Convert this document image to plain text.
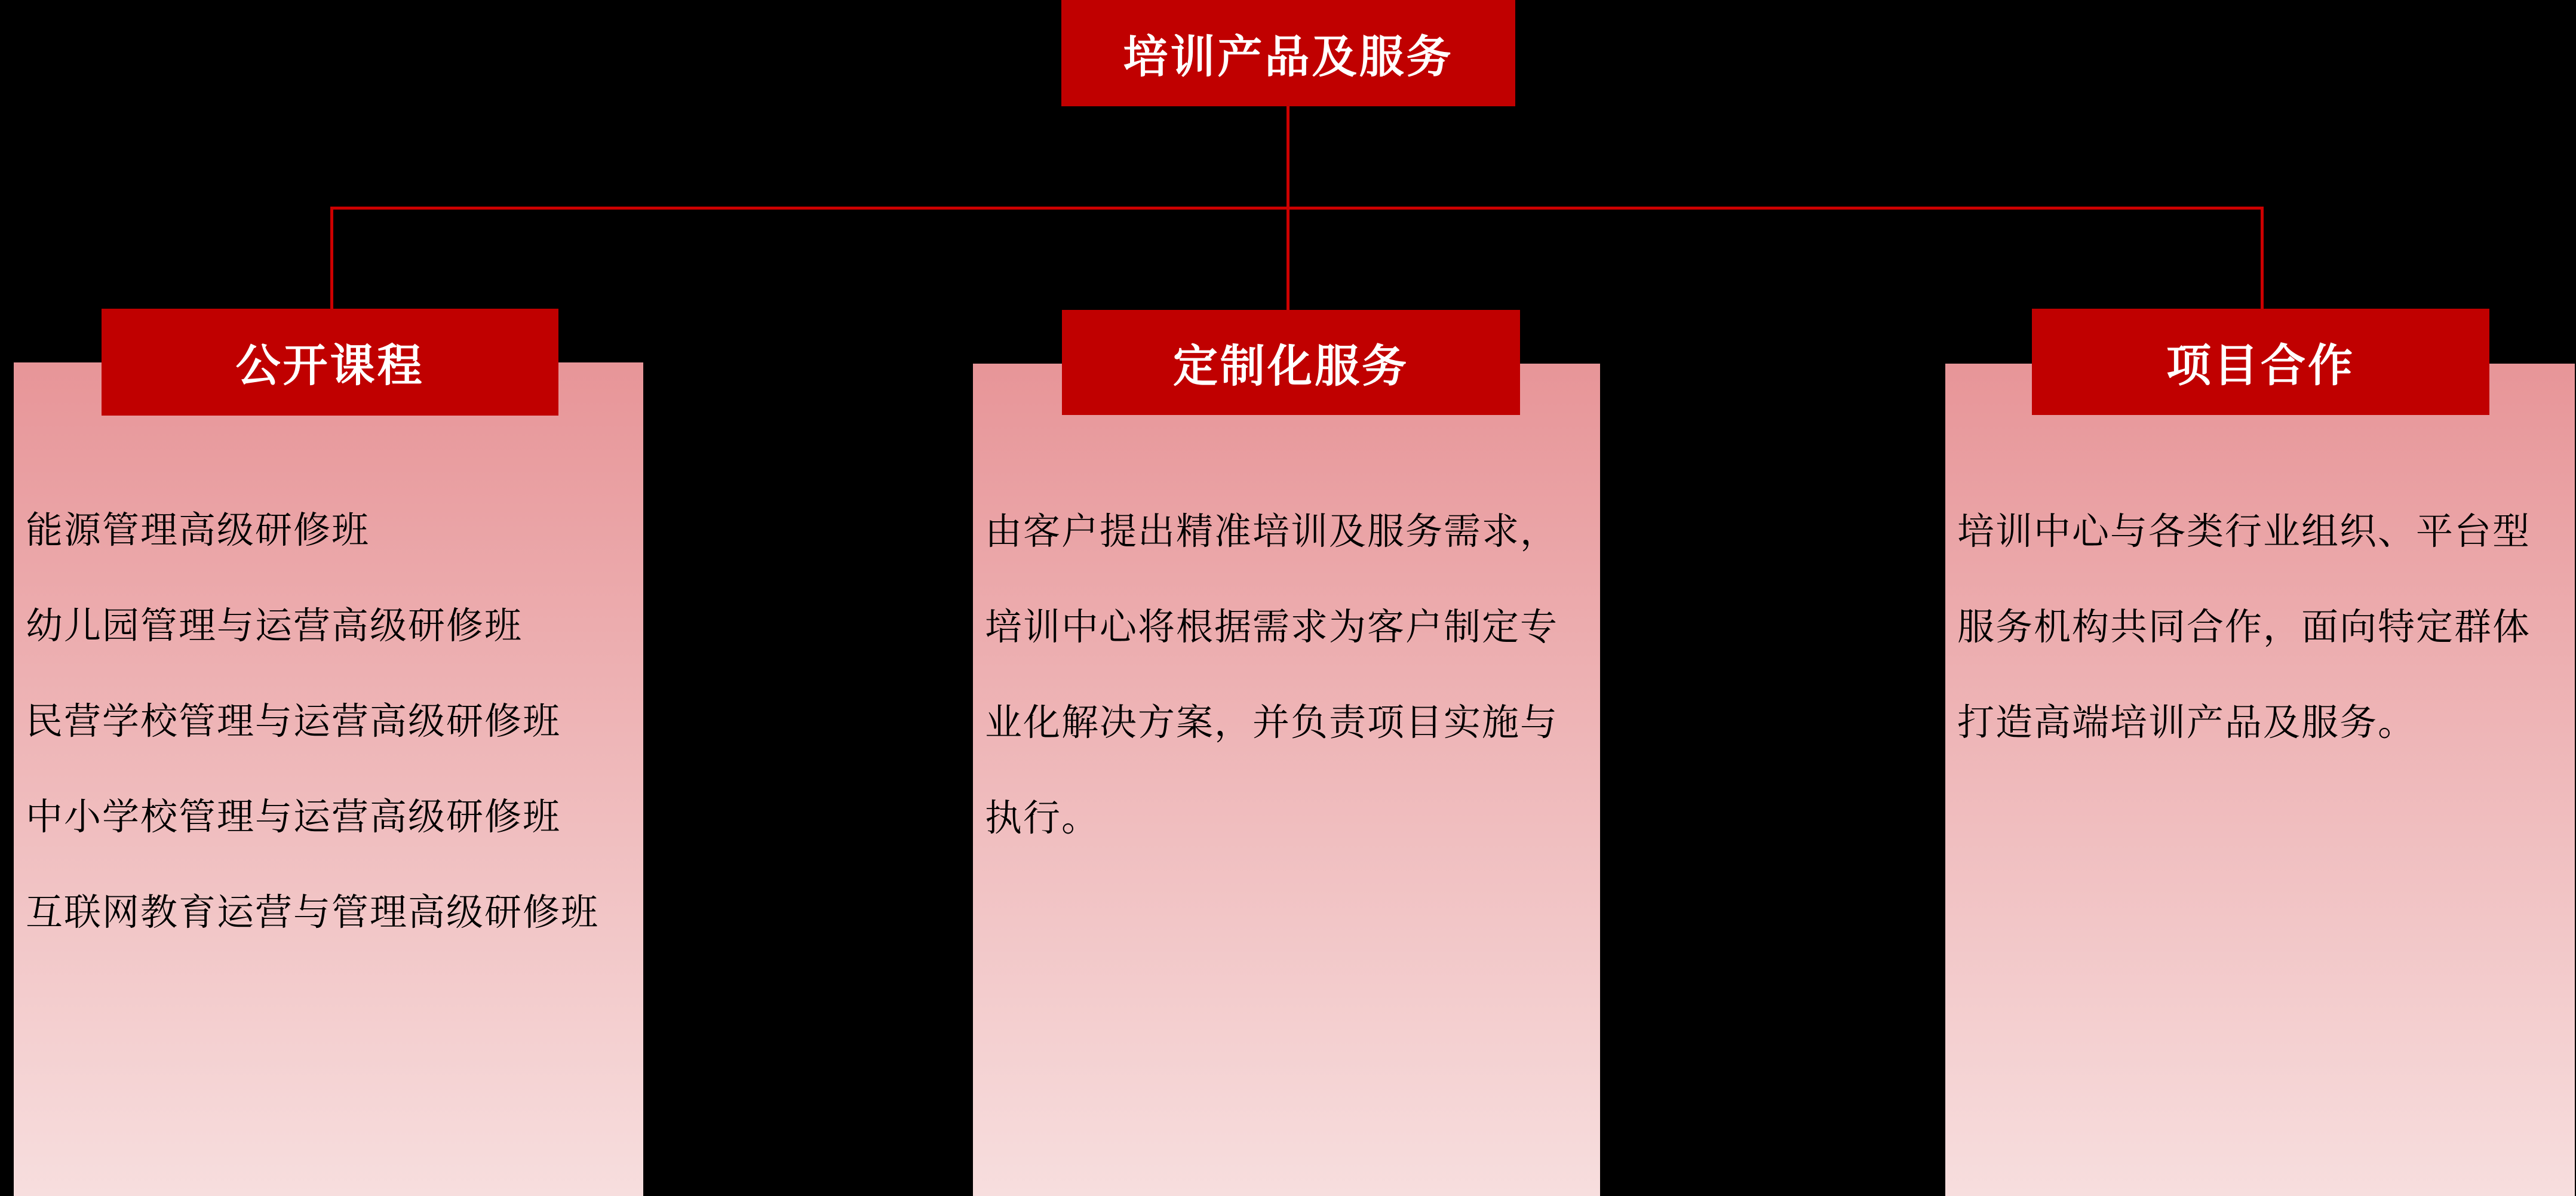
培训产品及服务
公开课程
能源管理高级研修班
幼儿园管理与运营高级研修班
民营学校管理与运营高级研修班
中小学校管理与运营高级研修班
互联网教育运营与管理高级研修班
定制化服务
由客户提出精准培训及服务需求，
培训中心将根据需求为客户制定专
业化解决方案，并负责项目实施与
执行。
项目合作
培训中心与各类行业组织、平台型
服务机构共同合作，面向特定群体
打造高端培训产品及服务。
